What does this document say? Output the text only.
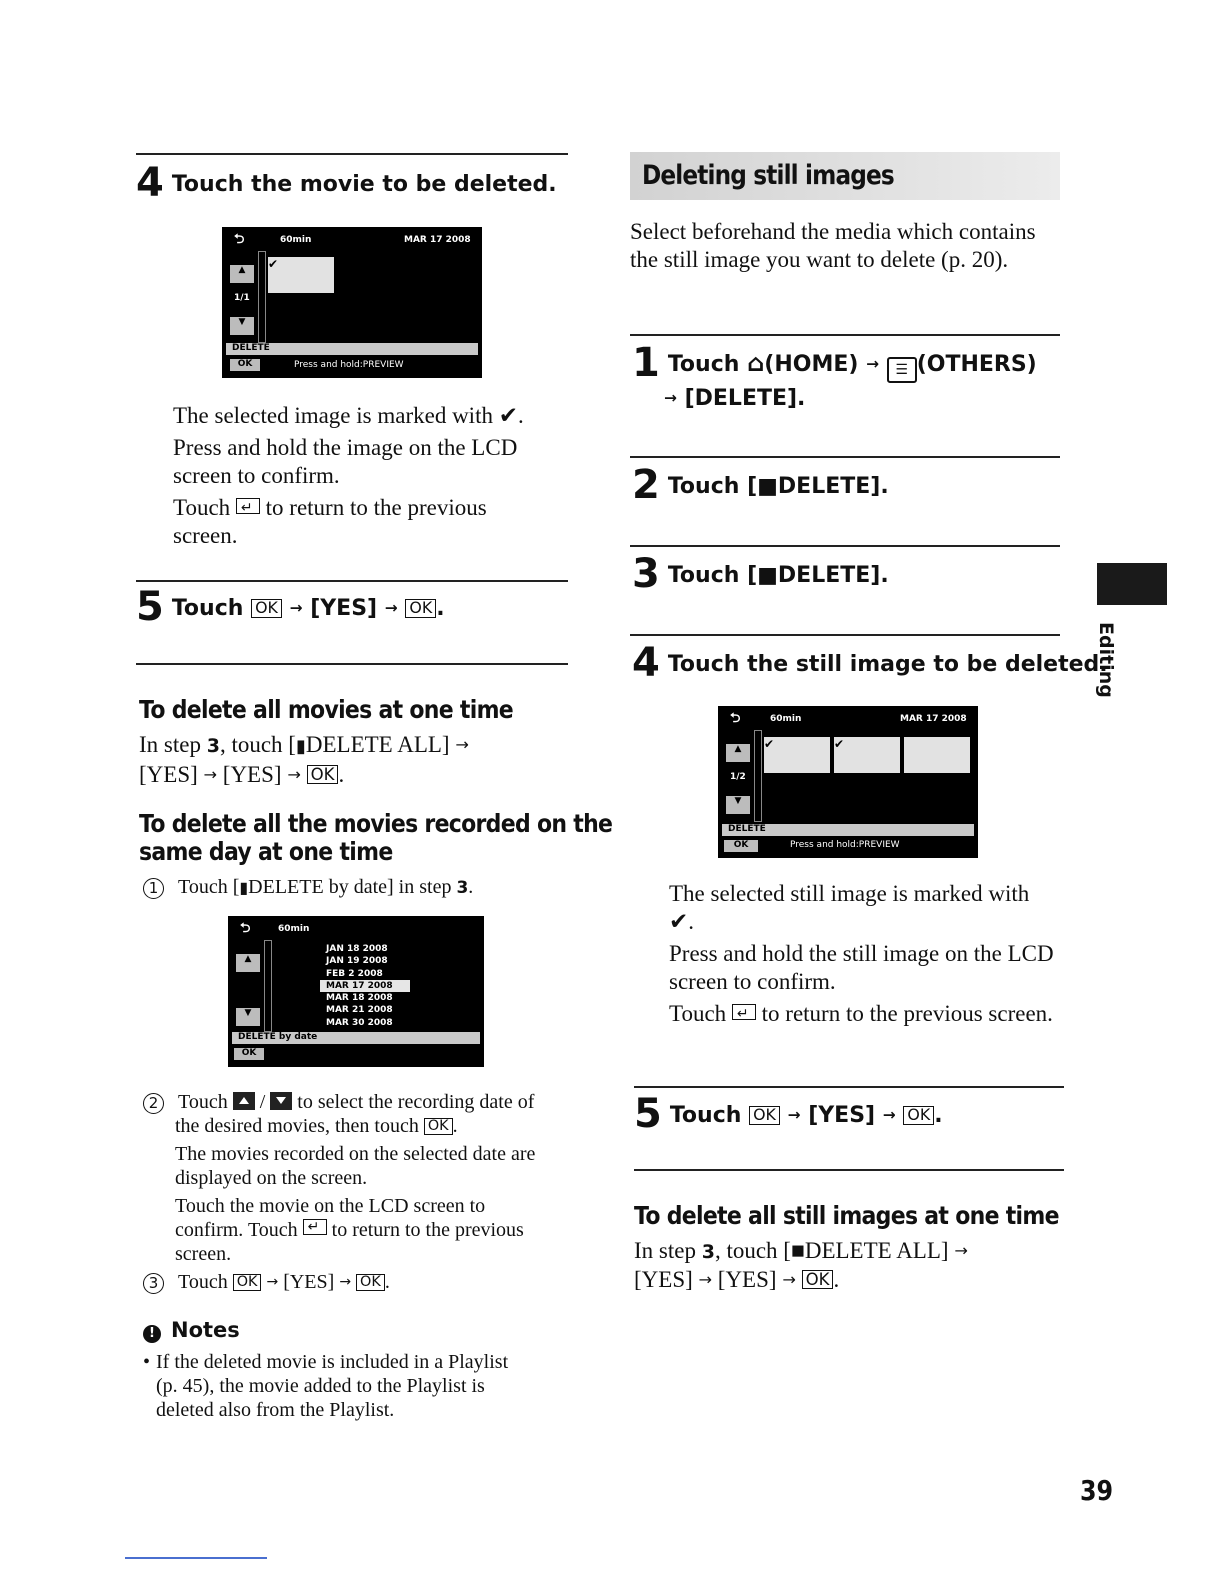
4 Touch the movie to be deleted.
⮌	60min	MAR 17 2008
▲
1/1
▼
✔
DELETE
OK	Press and hold:PREVIEW
The selected image is marked with ✔.
Press and hold the image on the LCD screen to confirm.
Touch ↵ to return to the previous screen.
5 Touch OK → [YES] → OK .
To delete all movies at one time
In step 3, touch [▮DELETE ALL] →
[YES] → [YES] → OK .
To delete all the movies recorded on the
same day at one time
1 Touch [▮DELETE by date] in step 3.
⮌	60min
▲
▼
JAN 18 2008
JAN 19 2008
FEB 2 2008
MAR 17 2008
MAR 18 2008
MAR 21 2008
MAR 30 2008
DELETE by date
OK
2 Touch  /  to select the recording date of
the desired movies, then touch OK .
The movies recorded on the selected date are displayed on the screen.
Touch the movie on the LCD screen to
confirm. Touch ↵ to return to the previous
screen.
3 Touch OK → [YES] → OK .
! Notes
• If the deleted movie is included in a Playlist (p. 45), the movie added to the Playlist is deleted also from the Playlist.
Deleting still images
Select beforehand the media which contains the still image you want to delete (p. 20).
1 Touch ⌂(HOME) → ☰ (OTHERS)
→ [DELETE].
2 Touch [■DELETE].
3 Touch [■DELETE].
4 Touch the still image to be deleted.
⮌	60min	MAR 17 2008
▲
1/2
▼
✔	✔
DELETE
OK	Press and hold:PREVIEW
The selected still image is marked with
✔.
Press and hold the still image on the LCD screen to confirm.
Touch ↵ to return to the previous screen.
5 Touch OK → [YES] → OK .
To delete all still images at one time
In step 3, touch [■DELETE ALL] →
[YES] → [YES] → OK .
Editing
39
